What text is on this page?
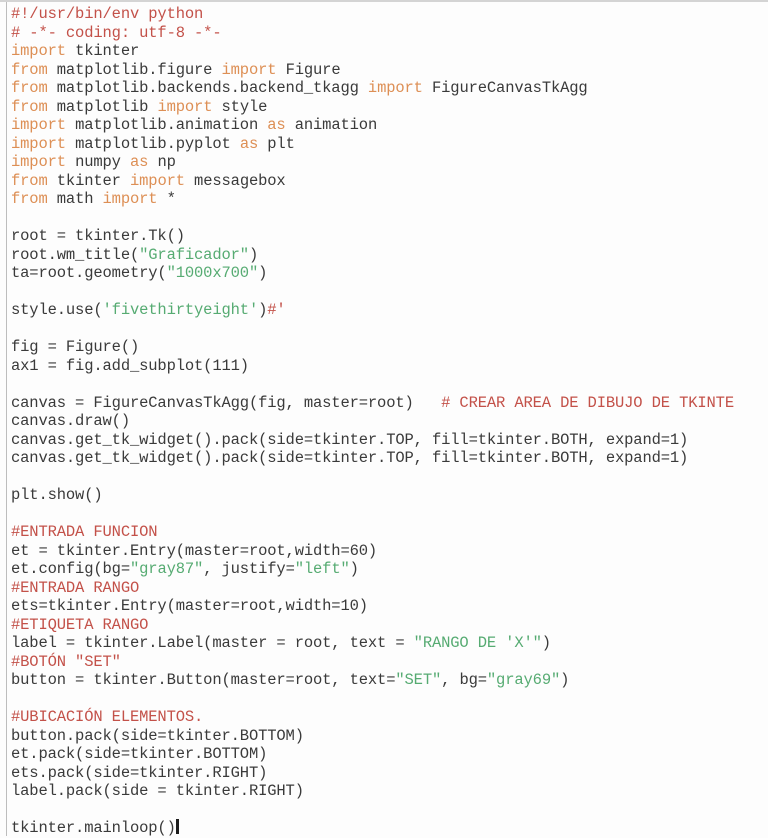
#!/usr/bin/env python
# -*- coding: utf-8 -*-
import tkinter
from matplotlib.figure import Figure
from matplotlib.backends.backend_tkagg import FigureCanvasTkAgg
from matplotlib import style
import matplotlib.animation as animation
import matplotlib.pyplot as plt
import numpy as np
from tkinter import messagebox
from math import *

root = tkinter.Tk()
root.wm_title("Graficador")
ta=root.geometry("1000x700")

style.use('fivethirtyeight')#'

fig = Figure()
ax1 = fig.add_subplot(111)

canvas = FigureCanvasTkAgg(fig, master=root)   # CREAR AREA DE DIBUJO DE TKINTE
canvas.draw()
canvas.get_tk_widget().pack(side=tkinter.TOP, fill=tkinter.BOTH, expand=1)
canvas.get_tk_widget().pack(side=tkinter.TOP, fill=tkinter.BOTH, expand=1)

plt.show()

#ENTRADA FUNCION
et = tkinter.Entry(master=root,width=60)
et.config(bg="gray87", justify="left")
#ENTRADA RANGO
ets=tkinter.Entry(master=root,width=10)
#ETIQUETA RANGO
label = tkinter.Label(master = root, text = "RANGO DE 'X'")
#BOTÓN "SET"
button = tkinter.Button(master=root, text="SET", bg="gray69")

#UBICACIÓN ELEMENTOS.
button.pack(side=tkinter.BOTTOM)
et.pack(side=tkinter.BOTTOM)
ets.pack(side=tkinter.RIGHT)
label.pack(side = tkinter.RIGHT)

tkinter.mainloop()
